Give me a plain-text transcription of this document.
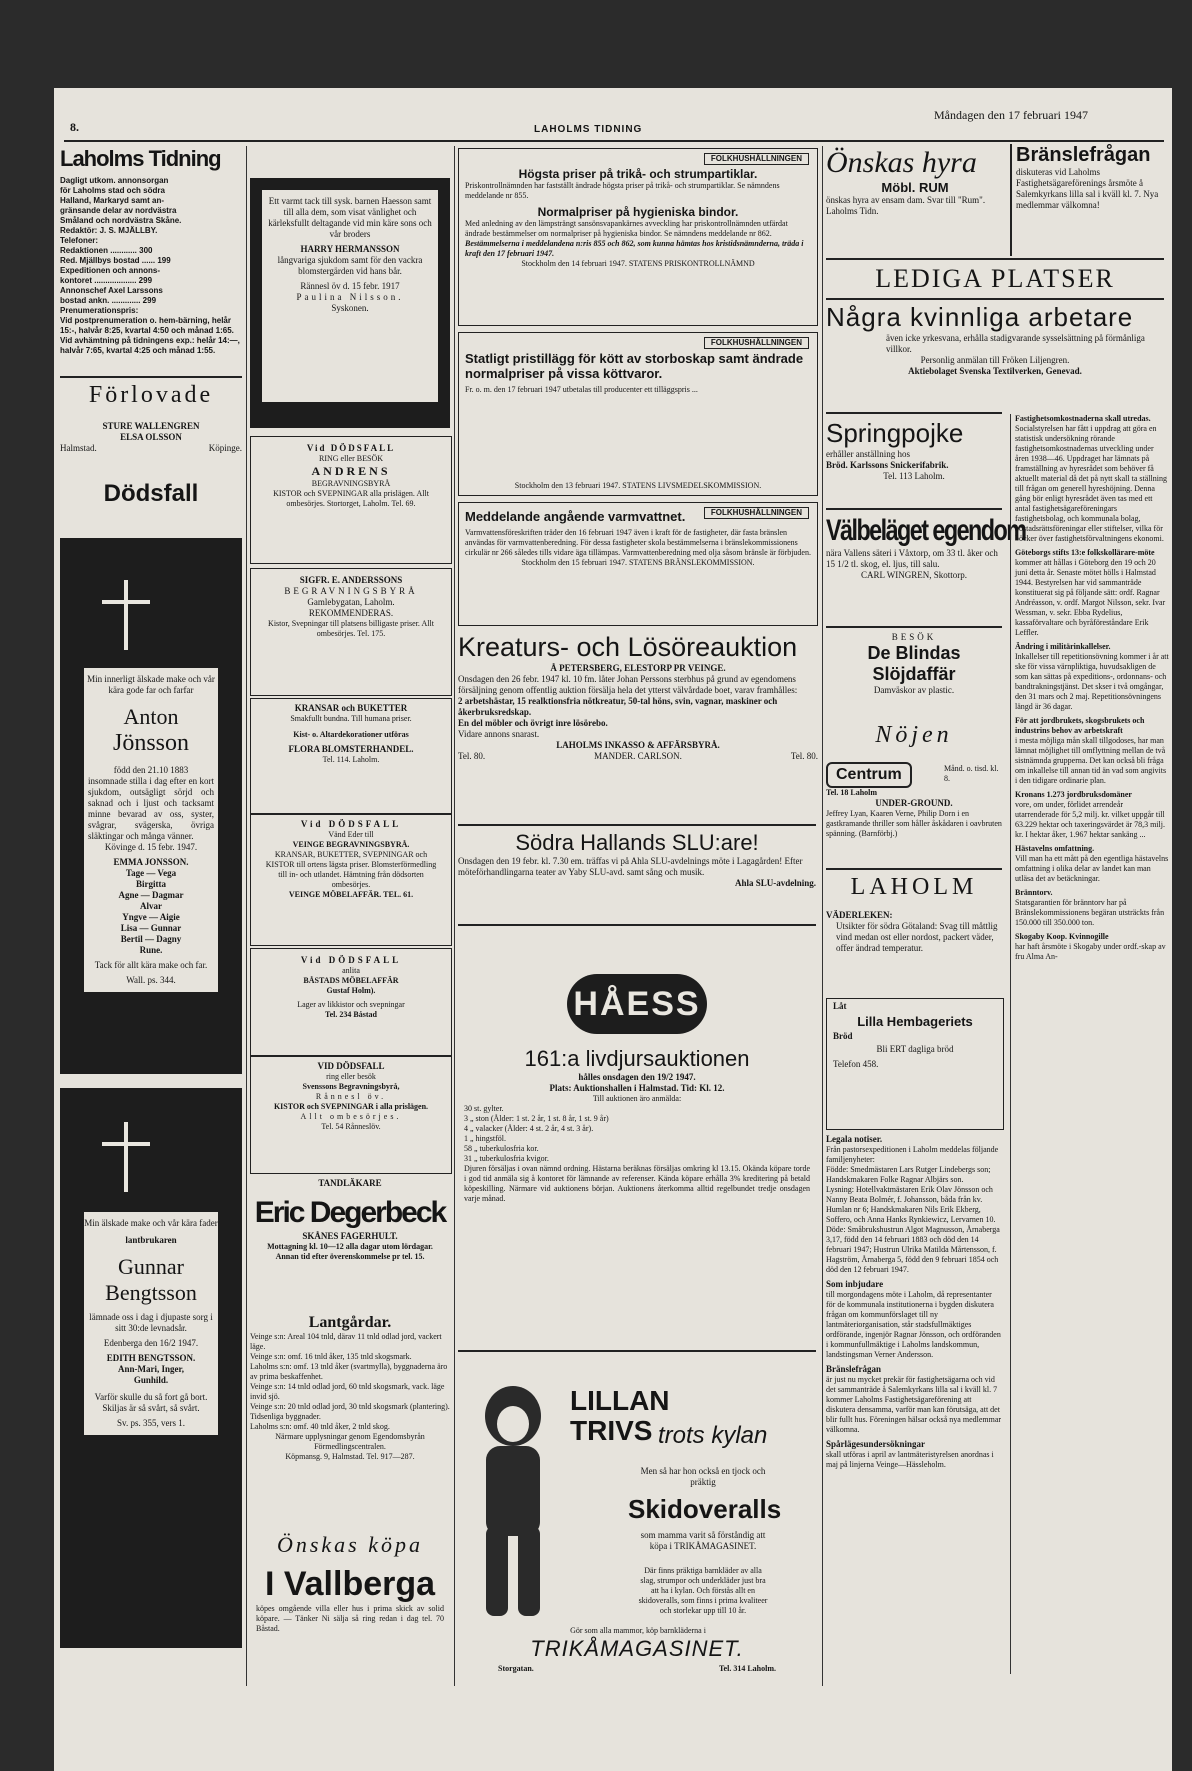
8.	LAHOLMS TIDNING
Måndagen den 17 februari 1947
Laholms Tidning
Dagligt utkom. annonsorgan
för Laholms stad och södra
Halland, Markaryd samt an-
gränsande delar av nordvästra
Småland och nordvästra Skåne.
Redaktör: J. S. MJÄLLBY.
Telefoner:
Redaktionen ............ 300
Red. Mjällbys bostad ...... 199
Expeditionen och annons-
kontoret ................... 299
Annonschef Axel Larssons
bostad ankn. ............. 299
Prenumerationspris:
Vid postprenumeration o. hem-bärning, helår 15:-, halvår 8:25, kvartal 4:50 och månad 1:65. Vid avhämtning på tidningens exp.: helår 14:—, halvår 7:65, kvartal 4:25 och månad 1:55.
Förlovade
STURE WALLENGREN
ELSA OLSSON
Halmstad.	Köpinge.
Dödsfall
Min innerligt älskade make och vår kära gode far och farfar
Anton
Jönsson
född den 21.10 1883
insomnade stilla i dag efter en kort sjukdom, outsägligt sörjd och saknad och i ljust och tacksamt minne bevarad av oss, syster, svågrar, svägerska, övriga släktingar och många vänner.
Kövinge d. 15 febr. 1947.
EMMA JONSSON.
Tage — Vega
Birgitta
Agne — Dagmar
Alvar
Yngve — Aigie
Lisa — Gunnar
Bertil — Dagny
Rune.
Tack för allt kära make och far.
Wall. ps. 344.
Min älskade make och vår kära fader
lantbrukaren
Gunnar
Bengtsson
lämnade oss i dag i djupaste sorg i sitt 30:de levnadsår.
Edenberga den 16/2 1947.
EDITH BENGTSSON.
Ann-Mari, Inger,
Gunhild.
Varför skulle du så fort gå bort. Skiljas är så svårt, så svårt.
Sv. ps. 355, vers 1.
Ett varmt tack till sysk. barnen Haesson samt till alla dem, som visat vänlighet och kärleksfullt deltagande vid min käre sons och vår broders
HARRY HERMANSSON
långvariga sjukdom samt för den vackra blomstergärden vid hans bår.
Rännesl öv d. 15 febr. 1917
Paulina Nilsson.
Syskonen.
Vid DÖDSFALL
RING eller BESÖK
ANDRENS
BEGRAVNINGSBYRÅ
KISTOR och SVEPNINGAR alla prislägen. Allt ombesörjes. Stortorget, Laholm. Tel. 69.
SIGFR. E. ANDERSSONS
BEGRAVNINGSBYRÅ
Gamlebygatan, Laholm.
REKOMMENDERAS.
Kistor, Svepningar till platsens billigaste priser. Allt ombesörjes. Tel. 175.
KRANSAR och BUKETTER
Smakfullt bundna. Till humana priser.
Kist- o. Altardekorationer utföras
FLORA BLOMSTERHANDEL.
Tel. 114. Laholm.
Vid DÖDSFALL
Vänd Eder till
VEINGE BEGRAVNINGSBYRÅ.
KRANSAR, BUKETTER, SVEPNINGAR och KISTOR till ortens lägsta priser. Blomsterförmedling till in- och utlandet. Hämtning från dödsorten ombesörjes.
VEINGE MÖBELAFFÄR. TEL. 61.
Vid DÖDSFALL
anlita
BÅSTADS MÖBELAFFÄR
Gustaf Holm).
Lager av likkistor och svepningar
Tel. 234 Båstad
VID DÖDSFALL
ring eller besök
Svenssons Begravningsbyrå,
Rånnesl öv.
KISTOR och SVEPNINGAR i alla prislägen.
Allt ombesörjes.
Tel. 54 Rånneslöv.
TANDLÄKARE
Eric Degerbeck
SKÅNES FAGERHULT.
Mottagning kl. 10—12 alla dagar utom lördagar. Annan tid efter överenskommelse pr tel. 15.
Lantgårdar.
Veinge s:n: Areal 104 tnld, därav 11 tnld odlad jord, vackert läge.
Veinge s:n: omf. 16 tnld åker, 135 tnld skogsmark.
Laholms s:n: omf. 13 tnld åker (svartmylla), byggnaderna äro av prima beskaffenhet.
Veinge s:n: 14 tnld odlad jord, 60 tnld skogsmark, vack. läge invid sjö.
Veinge s:n: 20 tnld odlad jord, 30 tnld skogsmark (plantering). Tidsenliga byggnader.
Laholms s:n: omf. 40 tnld åker, 2 tnld skog.
Närmare upplysningar genom Egendomsbyrån Förmedlingscentralen.
Köpmansg. 9, Halmstad. Tel. 917—287.
Önskas köpa
I Vallberga
köpes omgående villa eller hus i prima skick av solid köpare. — Tänker Ni sälja så ring redan i dag tel. 70 Båstad.
FOLKHUSHÅLLNINGEN
Högsta priser på trikå- och strumpartiklar.
Priskontrollnämnden har fastställt ändrade högsta priser på trikå- och strumpartiklar. Se nämndens meddelande nr 855.
Normalpriser på hygieniska bindor.
Med anledning av den lämpsträngt sansönsvapankärnes avveckling har priskontrollnämnden utfärdat ändrade bestämmelser om normalpriser på hygieniska bindor. Se nämndens meddelande nr 862.
Bestämmelserna i meddelandena n:ris 855 och 862, som kunna hämtas hos kristidsnämnderna, träda i kraft den 17 februari 1947.
Stockholm den 14 februari 1947. STATENS PRISKONTROLLNÄMND
FOLKHUSHÅLLNINGEN
Statligt pristillägg för kött av storboskap samt ändrade normalpriser på vissa köttvaror.
Fr. o. m. den 17 februari 1947 utbetalas till producenter ett tilläggspris ...
Stockholm den 13 februari 1947. STATENS LIVSMEDELSKOMMISSION.
FOLKHUSHÅLLNINGEN
Meddelande angående varmvattnet.
Varmvattensföreskriften träder den 16 februari 1947 även i kraft för de fastigheter, där fasta bränslen användas för varmvattenberedning. För dessa fastigheter skola bestämmelserna i bränslekommissionens cirkulär nr 266 således tills vidare äga tillämpas. Varmvattenberedning med olja såsom bränsle är förbjuden.
Stockholm den 15 februari 1947. STATENS BRÄNSLEKOMMISSION.
Kreaturs- och Lösöreauktion
Å PETERSBERG, ELESTORP PR VEINGE.
Onsdagen den 26 febr. 1947 kl. 10 fm. låter Johan Perssons sterbhus på grund av egendomens försäljning genom offentlig auktion försälja hela det ytterst välvårdade boet, varav framhålles:
2 arbetshästar, 15 realktionsfria nötkreatur, 50-tal höns, svin, vagnar, maskiner och åkerbruksredskap.
En del möbler och övrigt inre lösörebo.
Vidare annons snarast.
LAHOLMS INKASSO & AFFÄRSBYRÅ.
Tel. 80.	MANDER. CARLSON.	Tel. 80.
Södra Hallands SLU:are!
Onsdagen den 19 febr. kl. 7.30 em. träffas vi på Ahla SLU-avdelnings möte i Lagagården! Efter möteförhandlingarna teater av Yaby SLU-avd. samt sång och musik.
Ahla SLU-avdelning.
HÅESS
161:a livdjursauktionen
hålles onsdagen den 19/2 1947.
Plats: Auktionshallen i Halmstad. Tid: Kl. 12.
Till auktionen äro anmälda:
30 st. gylter.
3 „ ston (Ålder: 1 st. 2 år, 1 st. 8 år, 1 st. 9 år)
4 „ valacker (Ålder: 4 st. 2 år, 4 st. 3 år).
1 „ hingstföl.
58 „ tuberkulosfria kor.
31 „ tuberkulosfria kvigor.
Djuren försäljas i ovan nämnd ordning. Hästarna beräknas försäljas omkring kl 13.15. Okända köpare torde i god tid anmäla sig å kontoret för lämnande av referenser. Kända köpare erhålla 3% kreditering på betald köpeskilling. Närmare vid auktionens början. Auktionens återkomma alltid regelbundet tredje onsdagen varje månad.
LILLAN
TRIVS trots kylan
Men så har hon också en tjock och präktig
Skidoveralls
som mamma varit så förståndig att köpa i TRIKÅMAGASINET.
Där finns präktiga barnkläder av alla slag, strumpor och underkläder just bra att ha i kylan. Och förstås allt en skidoveralls, som finns i prima kvaliteer och storlekar upp till 10 år.
Gör som alla mammor, köp barnkläderna i
TRIKÅMAGASINET.
Storgatan.	Tel. 314 Laholm.
Önskas hyra
Möbl. RUM
önskas hyra av ensam dam. Svar till "Rum". Laholms Tidn.
LEDIGA PLATSER
Några kvinnliga arbetare
även icke yrkesvana, erhålla stadigvarande sysselsättning på förmånliga villkor.
Personlig anmälan till Fröken Liljengren.
Aktiebolaget Svenska Textilverken, Genevad.
Springpojke
erhåller anställning hos
Bröd. Karlssons Snickerifabrik.
Tel. 113 Laholm.
Välbeläget egendom
nära Vallens säteri i Våxtorp, om 33 tl. åker och 15 1/2 tl. skog, el. ljus, till salu.
CARL WINGREN, Skottorp.
BESÖK
De Blindas
Slöjdaffär
Damväskor av plastic.
Nöjen
Centrum	Månd. o. tisd. kl. 8.
Tel. 18 Laholm
UNDER-GROUND.
Jeffrey Lyan, Kaaren Verne, Philip Dorn i en gastkramande thriller som håller åskådaren i oavbruten spänning. (Barnförbj.)
LAHOLM
VÄDERLEKEN:
Utsikter för södra Götaland: Svag till måttlig vind medan ost eller nordost, packert väder, offer ändrad temperatur.
Låt
Lilla Hembageriets
Bröd
Bli ERT dagliga bröd
Telefon 458.
Legala notiser.
Från pastorsexpeditionen i Laholm meddelas följande familjenyheter:
Födde: Smedmästaren Lars Rutger Lindebergs son; Handskmakaren Folke Ragnar Albjärs son.
Lysning: Hotellvaktmästaren Erik Olav Jönsson och Nanny Beata Bolmér, f. Johansson, båda från kv. Humlan nr 6; Handskmakaren Nils Erik Ekberg, Soffero, och Anna Hanks Rynkiewicz, Lervarnen 10.
Döde: Småbrukshustrun Algot Magnusson, Årnaberga 3,17, född den 14 februari 1883 och död den 14 februari 1947; Hustrun Ulrika Matilda Mårtensson, f. Hagström, Årnaberga 5, född den 9 februari 1854 och död den 12 februari 1947.
Som inbjudare
till morgondagens möte i Laholm, då representanter för de kommunala institutionerna i bygden diskutera frågan om kommunförslaget till ny lantmäteriorganisation, står stadsfullmäktiges ordförande, ingenjör Ragnar Jönsson, och ordföranden i kommunfullmäktige i Laholms landskommun, landstingsman Verner Andersson.
Bränslefrågan
är just nu mycket prekär för fastighetsägarna och vid det sammanträde å Salemkyrkans lilla sal i kväll kl. 7 kommer Laholms Fastighetsägareförening att diskutera densamma, varför man kan förutsäga, att det blir fullt hus. Föreningen hälsar också nya medlemmar välkomna.
Spårlägesundersökningar
skall utföras i april av lantmäteristyrelsen anordnas i maj på linjerna Veinge—Hässleholm.
Bränslefrågan
diskuteras vid Laholms Fastighetsägareförenings årsmöte å Salemkyrkans lilla sal i kväll kl. 7. Nya medlemmar välkomna!
Fastighetsomkostnaderna skall utredas.
Socialstyrelsen har fått i uppdrag att göra en statistisk undersökning rörande fastighetsomkostnadernas utveckling under åren 1938—46. Uppdraget har lämnats på framställning av hyresrådet som behöver få aktuellt material då det på nytt skall ta ställning till frågan om generell hyreshöjning. Denna gång bör enligt hyresrådet även tas med ett antal fastighetsägareföreningars fastighetsbolag, och kommunala bolag, bostadsrättsföreningar eller stiftelser, vilka för böcker över fastighetsförvaltningens ekonomi.
Göteborgs stifts 13:e folkskollärare-möte
kommer att hållas i Göteborg den 19 och 20 juni detta år. Senaste mötet hölls i Halmstad 1944. Bestyrelsen har vid sammanträde konstituerat sig på följande sätt: ordf. Ragnar Andréasson, v. ordf. Margot Nilsson, sekr. Ivar Wessman, v. sekr. Ebba Rydelius, kassaförvaltare och byråföreståndare Erik Leffler.
Ändring i militärinkallelser.
Inkallelser till repetitionsövning kommer i år att ske för vissa värnpliktiga, huvudsakligen de som kan sättas på expeditions-, ordonnans- och bandtrakningstjänst. Det skser i två omgångar, den 31 mars och 2 maj. Repetitionsövningens längd är 36 dagar.
För att jordbrukets, skogsbrukets och industrins behov av arbetskraft
i mesta möjliga mån skall tillgodoses, har man lämnat möjlighet till omflyttning mellan de två sistnämnda grupperna. Det kan också bli fråga om inkallelse till annan tid än vad som angivits i den tidigare ordinarie plan.
Kronans 1.273 jordbruksdomäner
vore, om under, förlidet arrendeår utarrenderade för 5,2 milj. kr. vilket uppgår till 63.229 hektar och taxeringsvärdet är 78,3 milj. kr. I hektar åker, 1.967 hektar sankäng ...
Hästavelns omfattning.
Vill man ha ett mått på den egentliga hästavelns omfattning i olika delar av landet kan man utläsa det av betäckningar.
Bränntorv.
Statsgarantien för bränntorv har på Bränslekommissionens begäran utsträckts från 150.000 till 350.000 ton.
Skogaby Koop. Kvinnogille
har haft årsmöte i Skogaby under ordf.-skap av fru Alma An-
